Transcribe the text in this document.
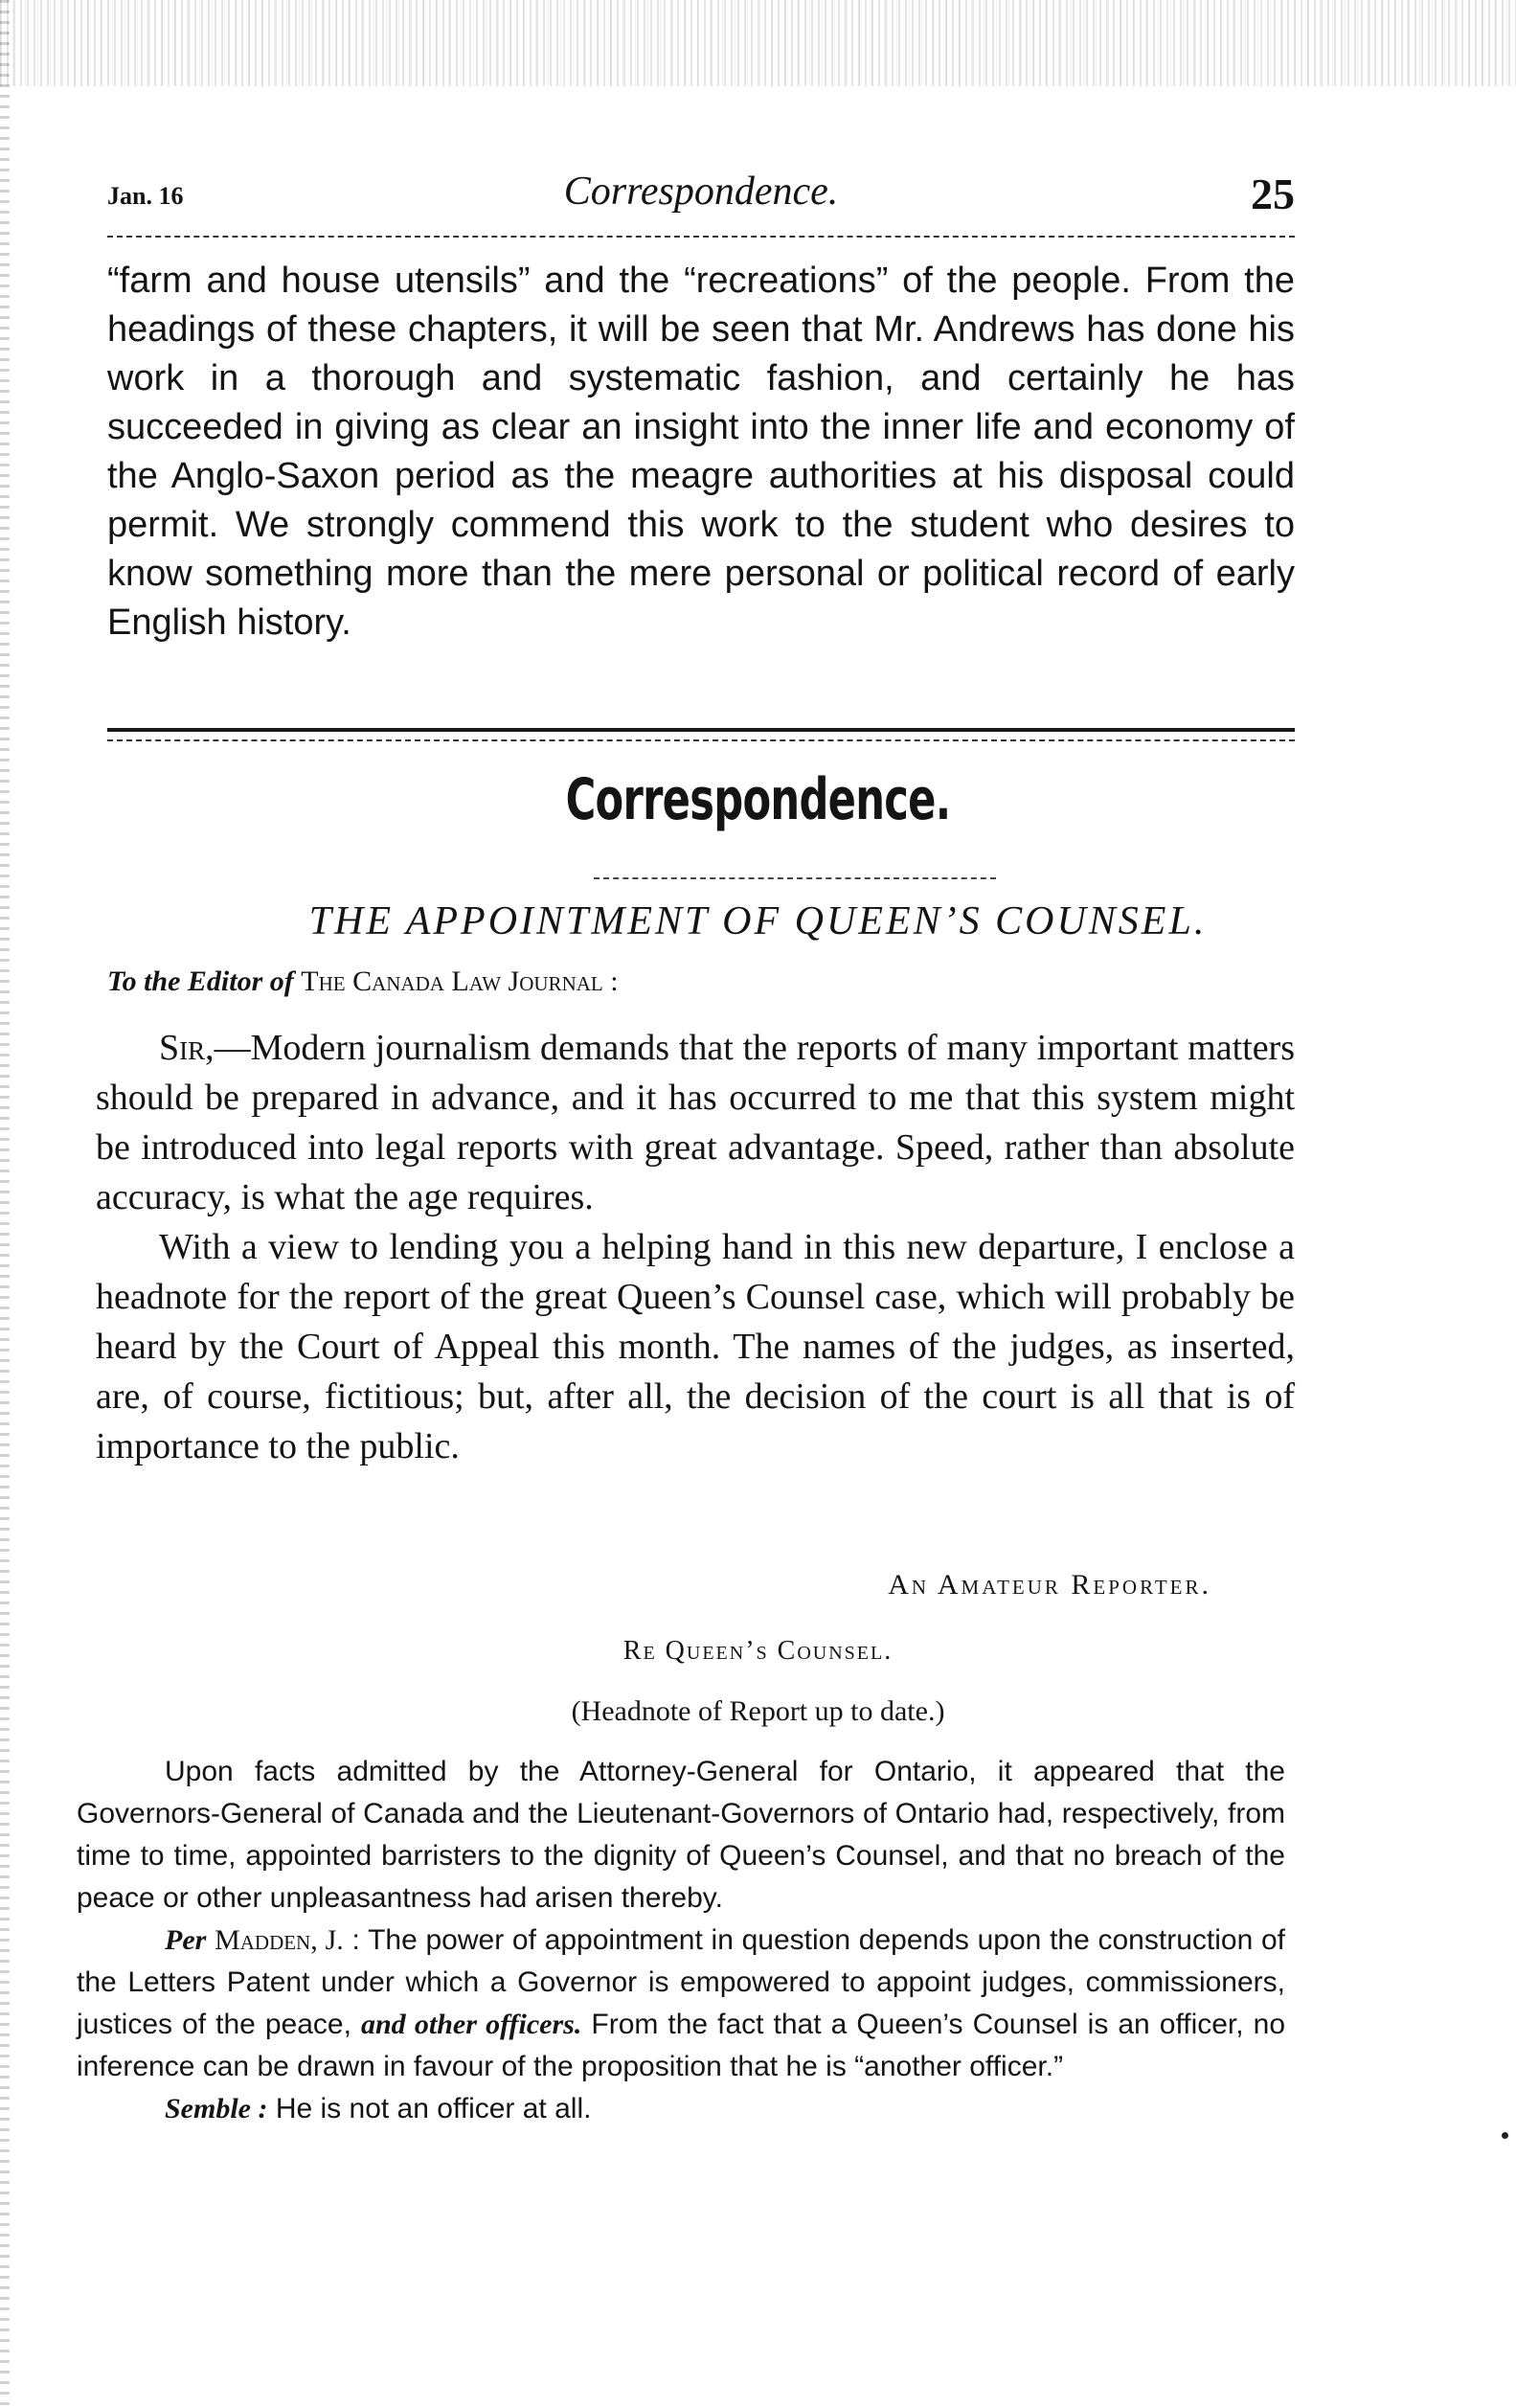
Jan. 16	Correspondence.	25
“farm and house utensils” and the “recreations” of the people. From the headings of these chapters, it will be seen that Mr. Andrews has done his work in a thorough and systematic fashion, and certainly he has succeeded in giving as clear an insight into the inner life and economy of the Anglo-Saxon period as the meagre authorities at his disposal could permit. We strongly commend this work to the student who desires to know something more than the mere personal or political record of early English history.
Correspondence.
THE APPOINTMENT OF QUEEN’S COUNSEL.
To the Editor of The Canada Law Journal :

Sir,—Modern journalism demands that the reports of many important matters should be prepared in advance, and it has occurred to me that this system might be introduced into legal reports with great advantage. Speed, rather than absolute accuracy, is what the age requires.

With a view to lending you a helping hand in this new departure, I enclose a headnote for the report of the great Queen’s Counsel case, which will probably be heard by the Court of Appeal this month. The names of the judges, as inserted, are, of course, fictitious; but, after all, the decision of the court is all that is of importance to the public.

An Amateur Reporter.
Re Queen’s Counsel.
(Headnote of Report up to date.)

Upon facts admitted by the Attorney-General for Ontario, it appeared that the Governors-General of Canada and the Lieutenant-Governors of Ontario had, respectively, from time to time, appointed barristers to the dignity of Queen’s Counsel, and that no breach of the peace or other unpleasantness had arisen thereby.

Per Madden, J. : The power of appointment in question depends upon the construction of the Letters Patent under which a Governor is empowered to appoint judges, commissioners, justices of the peace, and other officers. From the fact that a Queen’s Counsel is an officer, no inference can be drawn in favour of the proposition that he is “another officer.”

Semble : He is not an officer at all.
